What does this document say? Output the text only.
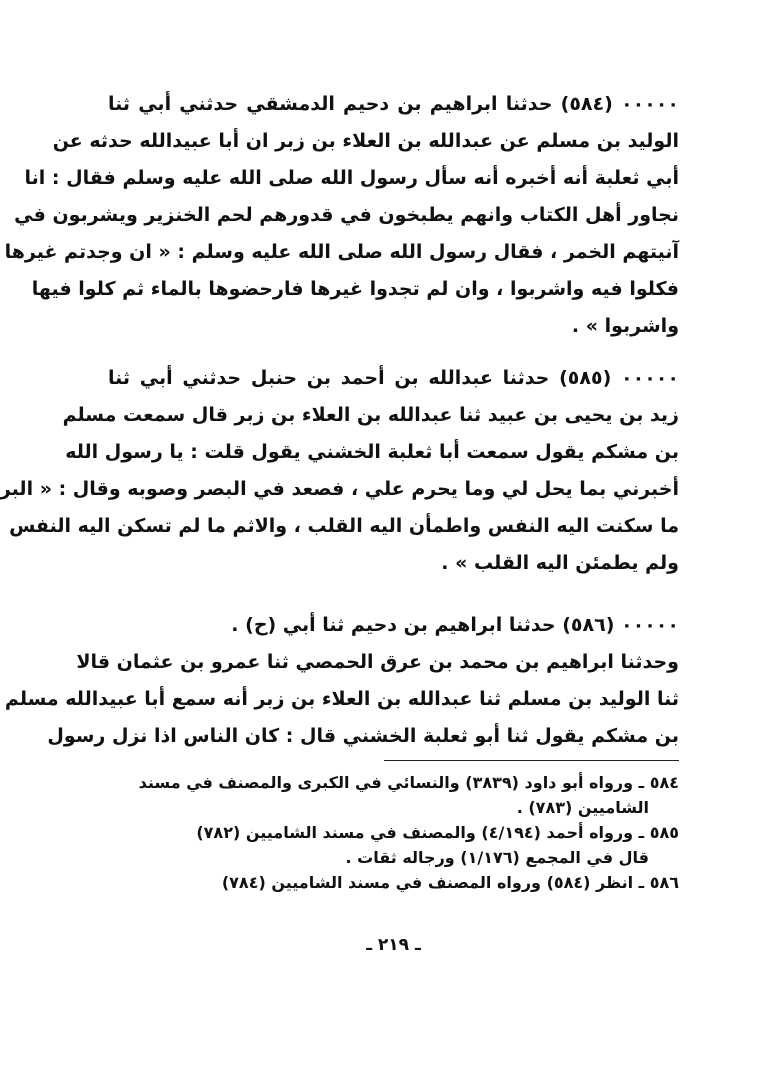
۰۰۰۰۰ (٥٨٤) حدثنا ابراهيم بن دحيم الدمشقي حدثني أبي ثنا
الوليد بن مسلم عن عبدالله بن العلاء بن زبر ان أبا عبيدالله حدثه عن
أبي ثعلبة أنه أخبره أنه سأل رسول الله صلى الله عليه وسلم فقال : انا
نجاور أهل الكتاب وانهم يطبخون في قدورهم لحم الخنزير ويشربون في
آنيتهم الخمر ، فقال رسول الله صلى الله عليه وسلم : « ان وجدتم غيرها
فكلوا فيه واشربوا ، وان لم تجدوا غيرها فارحضوها بالماء ثم كلوا فيها
واشربوا » .
۰۰۰۰۰ (٥٨٥) حدثنا عبدالله بن أحمد بن حنبل حدثني أبي ثنا
زيد بن يحيى بن عبيد ثنا عبدالله بن العلاء بن زبر قال سمعت مسلم
بن مشكم يقول سمعت أبا ثعلبة الخشني يقول قلت : يا رسول الله
أخبرني بما يحل لي وما يحرم علي ، فصعد في البصر وصوبه وقال : « البر
ما سكنت اليه النفس واطمأن اليه القلب ، والاثم ما لم تسكن اليه النفس
ولم يطمئن اليه القلب » .
۰۰۰۰۰ (٥٨٦) حدثنا ابراهيم بن دحيم ثنا أبي (ح) .
وحدثنا ابراهيم بن محمد بن عرق الحمصي ثنا عمرو بن عثمان قالا
ثنا الوليد بن مسلم ثنا عبدالله بن العلاء بن زبر أنه سمع أبا عبيدالله مسلم
بن مشكم يقول ثنا أبو ثعلبة الخشني قال : كان الناس اذا نزل رسول
٥٨٤ ـ ورواه أبو داود (٣٨٣٩) والنسائي في الكبرى والمصنف في مسند
الشاميين (٧٨٣) .
٥٨٥ ـ ورواه أحمد (٤/١٩٤) والمصنف في مسند الشاميين (٧٨٢)
قال في المجمع (١/١٧٦) ورجاله ثقات .
٥٨٦ ـ انظر (٥٨٤) ورواه المصنف في مسند الشاميين (٧٨٤)
ـ ٢١٩ ـ
